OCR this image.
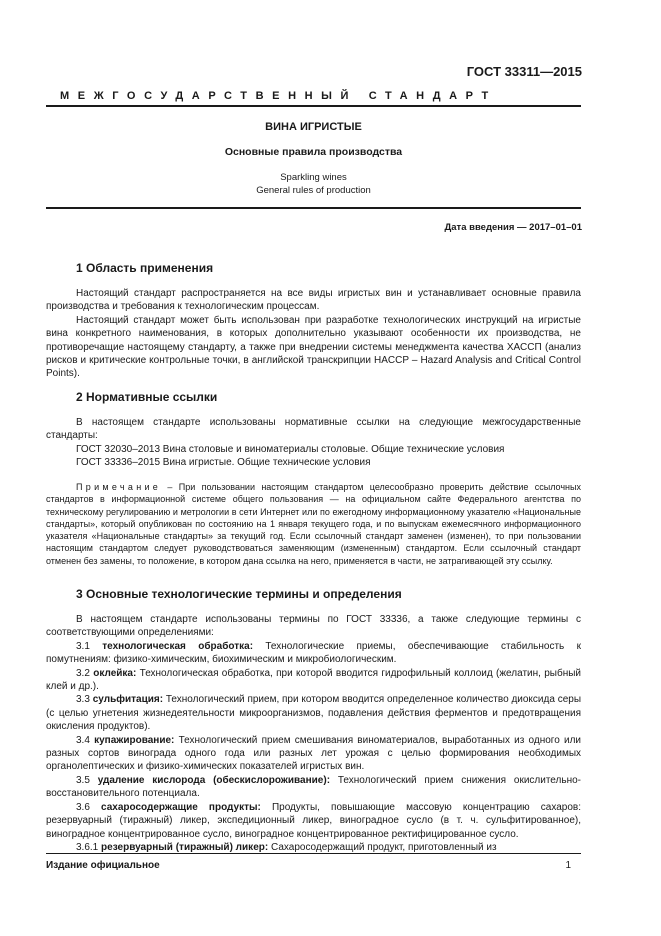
ГОСТ 33311—2015
МЕЖГОСУДАРСТВЕННЫЙ СТАНДАРТ
ВИНА ИГРИСТЫЕ
Основные правила производства
Sparkling wines
General rules of production
Дата введения — 2017–01–01
1 Область применения

Настоящий стандарт распространяется на все виды игристых вин и устанавливает основные правила производства и требования к технологическим процессам.

Настоящий стандарт может быть использован при разработке технологических инструкций на игристые вина конкретного наименования, в которых дополнительно указывают особенности их производства, не противоречащие настоящему стандарту, а также при внедрении системы менеджмента качества ХАССП (анализ рисков и критические контрольные точки, в английской транскрипции HACCP – Hazard Analysis and Critical Control Points).

2 Нормативные ссылки

В настоящем стандарте использованы нормативные ссылки на следующие межгосударственные стандарты:

ГОСТ 32030–2013 Вина столовые и виноматериалы столовые. Общие технические условия

ГОСТ 33336–2015 Вина игристые. Общие технические условия

Примечание – При пользовании настоящим стандартом целесообразно проверить действие ссылочных стандартов в информационной системе общего пользования — на официальном сайте Федерального агентства по техническому регулированию и метрологии в сети Интернет или по ежегодному информационному указателю «Национальные стандарты», который опубликован по состоянию на 1 января текущего года, и по выпускам ежемесячного информационного указателя «Национальные стандарты» за текущий год. Если ссылочный стандарт заменен (изменен), то при пользовании настоящим стандартом следует руководствоваться заменяющим (измененным) стандартом. Если ссылочный стандарт отменен без замены, то положение, в котором дана ссылка на него, применяется в части, не затрагивающей эту ссылку.

3 Основные технологические термины и определения

В настоящем стандарте использованы термины по ГОСТ 33336, а также следующие термины с соответствующими определениями:

3.1 технологическая обработка: Технологические приемы, обеспечивающие стабильность к помутнениям: физико-химическим, биохимическим и микробиологическим.

3.2 оклейка: Технологическая обработка, при которой вводится гидрофильный коллоид (желатин, рыбный клей и др.).

3.3 сульфитация: Технологический прием, при котором вводится определенное количество диоксида серы (с целью угнетения жизнедеятельности микроорганизмов, подавления действия ферментов и предотвращения окисления продуктов).

3.4 купажирование: Технологический прием смешивания виноматериалов, выработанных из одного или разных сортов винограда одного года или разных лет урожая с целью формирования необходимых органолептических и физико-химических показателей игристых вин.

3.5 удаление кислорода (обескислороживание): Технологический прием снижения окислительно-восстановительного потенциала.

3.6 сахаросодержащие продукты: Продукты, повышающие массовую концентрацию сахаров: резервуарный (тиражный) ликер, экспедиционный ликер, виноградное сусло (в т. ч. сульфитированное), виноградное концентрированное сусло, виноградное концентрированное ректифицированное сусло.

3.6.1 резервуарный (тиражный) ликер: Сахаросодержащий продукт, приготовленный из

Издание официальное	1
